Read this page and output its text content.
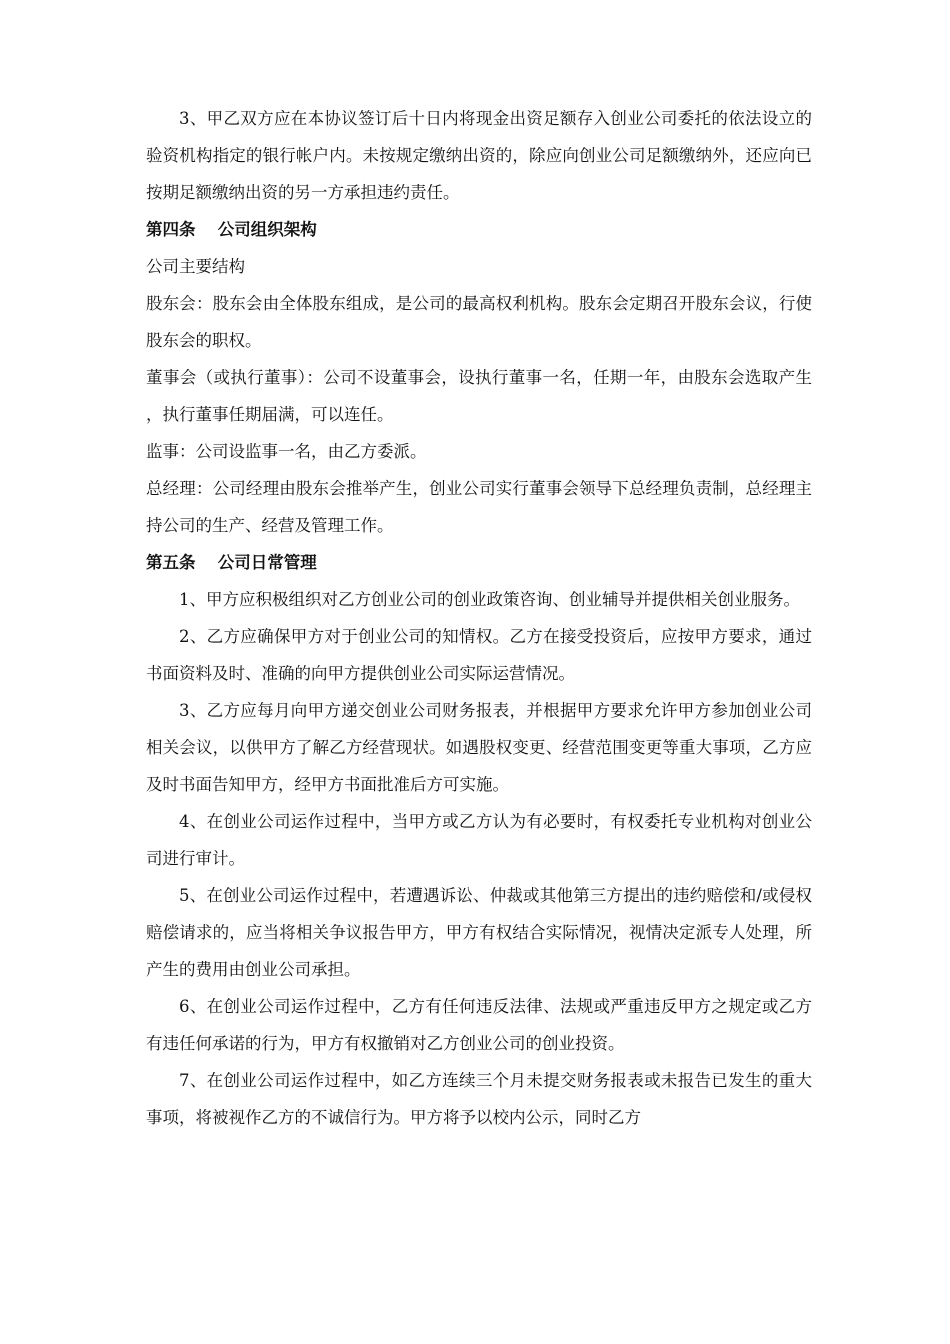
3、甲乙双方应在本协议签订后十日内将现金出资足额存入创业公司委托的依法设立的验资机构指定的银行帐户内。未按规定缴纳出资的，除应向创业公司足额缴纳外，还应向已按期足额缴纳出资的另一方承担违约责任。

第四条　 公司组织架构

公司主要结构

股东会：股东会由全体股东组成，是公司的最高权利机构。股东会定期召开股东会议，行使股东会的职权。

董事会（或执行董事）：公司不设董事会，设执行董事一名，任期一年，由股东会选取产生，执行董事任期届满，可以连任。

监事：公司设监事一名，由乙方委派。

总经理：公司经理由股东会推举产生，创业公司实行董事会领导下总经理负责制，总经理主持公司的生产、经营及管理工作。

第五条　 公司日常管理

1、甲方应积极组织对乙方创业公司的创业政策咨询、创业辅导并提供相关创业服务。

2、乙方应确保甲方对于创业公司的知情权。乙方在接受投资后，应按甲方要求，通过书面资料及时、准确的向甲方提供创业公司实际运营情况。

3、乙方应每月向甲方递交创业公司财务报表，并根据甲方要求允许甲方参加创业公司相关会议，以供甲方了解乙方经营现状。如遇股权变更、经营范围变更等重大事项，乙方应及时书面告知甲方，经甲方书面批准后方可实施。

4、在创业公司运作过程中，当甲方或乙方认为有必要时，有权委托专业机构对创业公司进行审计。

5、在创业公司运作过程中，若遭遇诉讼、仲裁或其他第三方提出的违约赔偿和/或侵权赔偿请求的，应当将相关争议报告甲方，甲方有权结合实际情况，视情决定派专人处理，所产生的费用由创业公司承担。

6、在创业公司运作过程中，乙方有任何违反法律、法规或严重违反甲方之规定或乙方有违任何承诺的行为，甲方有权撤销对乙方创业公司的创业投资。

7、在创业公司运作过程中，如乙方连续三个月未提交财务报表或未报告已发生的重大事项，将被视作乙方的不诚信行为。甲方将予以校内公示，同时乙方
